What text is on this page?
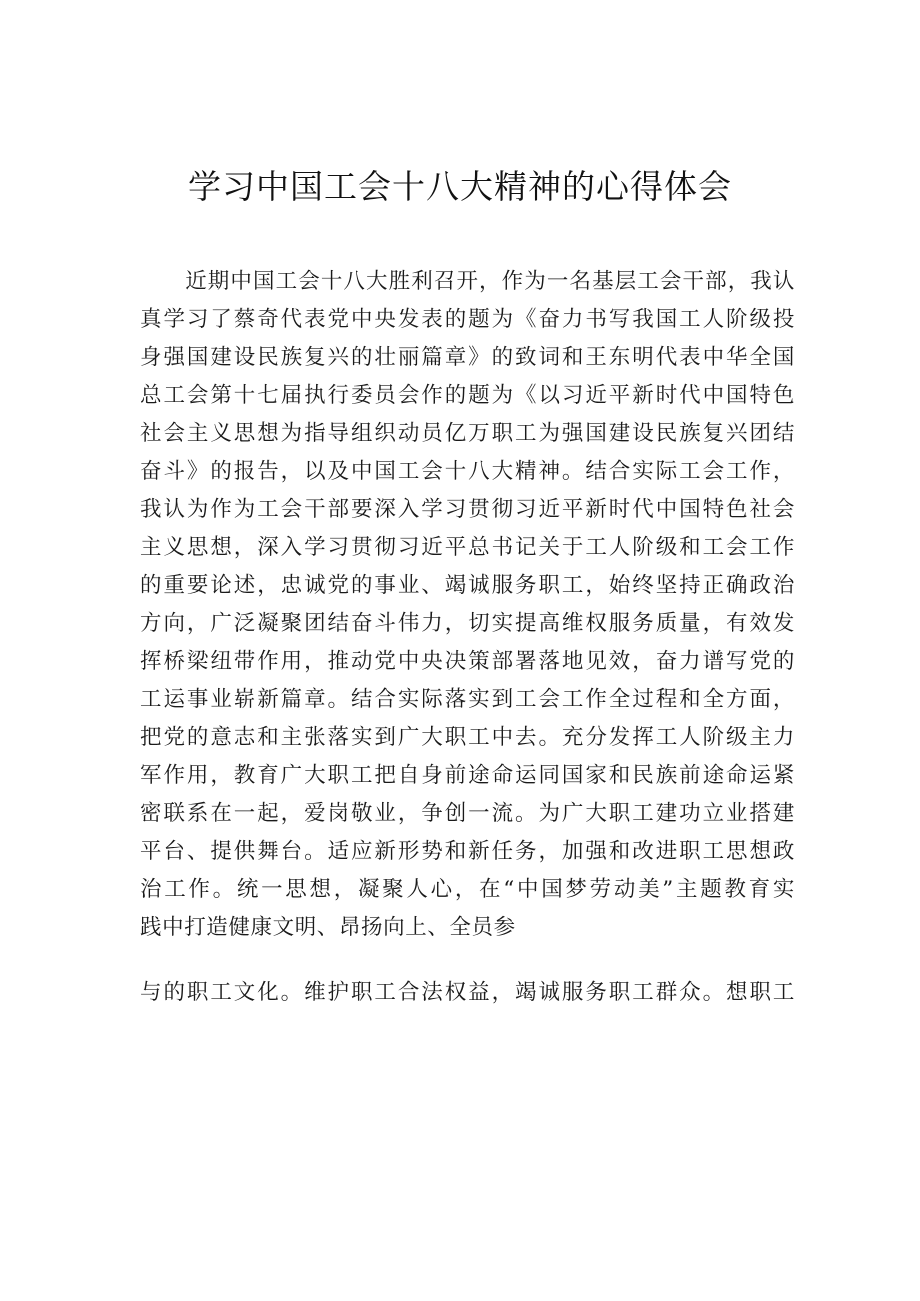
学习中国工会十八大精神的心得体会
　　近期中国工会十八大胜利召开，作为一名基层工会干部，我认
真学习了蔡奇代表党中央发表的题为《奋力书写我国工人阶级投
身强国建设民族复兴的壮丽篇章》的致词和王东明代表中华全国
总工会第十七届执行委员会作的题为《以习近平新时代中国特色
社会主义思想为指导组织动员亿万职工为强国建设民族复兴团结
奋斗》的报告，以及中国工会十八大精神。结合实际工会工作，
我认为作为工会干部要深入学习贯彻习近平新时代中国特色社会
主义思想，深入学习贯彻习近平总书记关于工人阶级和工会工作
的重要论述，忠诚党的事业、竭诚服务职工，始终坚持正确政治
方向，广泛凝聚团结奋斗伟力，切实提高维权服务质量，有效发
挥桥梁纽带作用，推动党中央决策部署落地见效，奋力谱写党的
工运事业崭新篇章。结合实际落实到工会工作全过程和全方面，
把党的意志和主张落实到广大职工中去。充分发挥工人阶级主力
军作用，教育广大职工把自身前途命运同国家和民族前途命运紧
密联系在一起，爱岗敬业，争创一流。为广大职工建功立业搭建
平台、提供舞台。适应新形势和新任务，加强和改进职工思想政
治工作。统一思想，凝聚人心，在“中国梦劳动美”主题教育实
践中打造健康文明、昂扬向上、全员参
与的职工文化。维护职工合法权益，竭诚服务职工群众。想职工
